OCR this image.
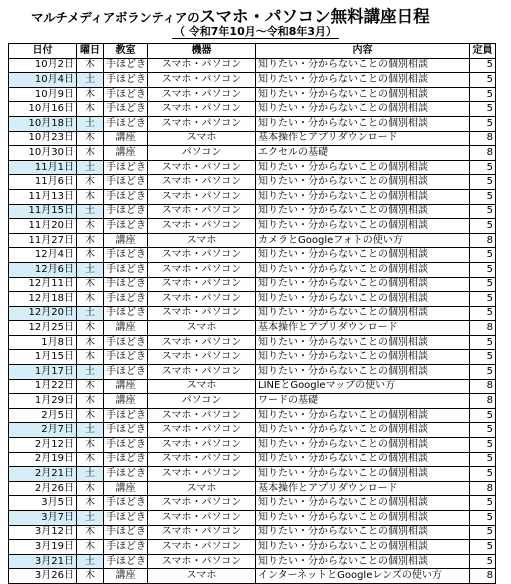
マルチメディアボランティアのスマホ・パソコン無料講座日程
（ 令和7年10月～令和8年3月）
日付	曜日	教室	機器	内容	定員
10月2日	木	手ほどき	スマホ・パソコン	知りたい・分からないことの個別相談	5
10月4日	土	手ほどき	スマホ・パソコン	知りたい・分からないことの個別相談	5
10月9日	木	手ほどき	スマホ・パソコン	知りたい・分からないことの個別相談	5
10月16日	木	手ほどき	スマホ・パソコン	知りたい・分からないことの個別相談	5
10月18日	土	手ほどき	スマホ・パソコン	知りたい・分からないことの個別相談	5
10月23日	木	講座	スマホ	基本操作とアプリダウンロード	8
10月30日	木	講座	パソコン	エクセルの基礎	8
11月1日	土	手ほどき	スマホ・パソコン	知りたい・分からないことの個別相談	5
11月6日	木	手ほどき	スマホ・パソコン	知りたい・分からないことの個別相談	5
11月13日	木	手ほどき	スマホ・パソコン	知りたい・分からないことの個別相談	5
11月15日	土	手ほどき	スマホ・パソコン	知りたい・分からないことの個別相談	5
11月20日	木	手ほどき	スマホ・パソコン	知りたい・分からないことの個別相談	5
11月27日	木	講座	スマホ	カメラとGoogleフォトの使い方	8
12月4日	木	手ほどき	スマホ・パソコン	知りたい・分からないことの個別相談	5
12月6日	土	手ほどき	スマホ・パソコン	知りたい・分からないことの個別相談	5
12月11日	木	手ほどき	スマホ・パソコン	知りたい・分からないことの個別相談	5
12月18日	木	手ほどき	スマホ・パソコン	知りたい・分からないことの個別相談	5
12月20日	土	手ほどき	スマホ・パソコン	知りたい・分からないことの個別相談	5
12月25日	木	講座	スマホ	基本操作とアプリダウンロード	8
1月8日	木	手ほどき	スマホ・パソコン	知りたい・分からないことの個別相談	5
1月15日	木	手ほどき	スマホ・パソコン	知りたい・分からないことの個別相談	5
1月17日	土	手ほどき	スマホ・パソコン	知りたい・分からないことの個別相談	5
1月22日	木	講座	スマホ	LINEとGoogleマップの使い方	8
1月29日	木	講座	パソコン	ワードの基礎	8
2月5日	木	手ほどき	スマホ・パソコン	知りたい・分からないことの個別相談	5
2月7日	土	手ほどき	スマホ・パソコン	知りたい・分からないことの個別相談	5
2月12日	木	手ほどき	スマホ・パソコン	知りたい・分からないことの個別相談	5
2月19日	木	手ほどき	スマホ・パソコン	知りたい・分からないことの個別相談	5
2月21日	土	手ほどき	スマホ・パソコン	知りたい・分からないことの個別相談	5
2月26日	木	講座	スマホ	基本操作とアプリダウンロード	8
3月5日	木	手ほどき	スマホ・パソコン	知りたい・分からないことの個別相談	5
3月7日	土	手ほどき	スマホ・パソコン	知りたい・分からないことの個別相談	5
3月12日	木	手ほどき	スマホ・パソコン	知りたい・分からないことの個別相談	5
3月19日	木	手ほどき	スマホ・パソコン	知りたい・分からないことの個別相談	5
3月21日	土	手ほどき	スマホ・パソコン	知りたい・分からないことの個別相談	5
3月26日	木	講座	スマホ	インターネットとGoogleレンズの使い方	8
